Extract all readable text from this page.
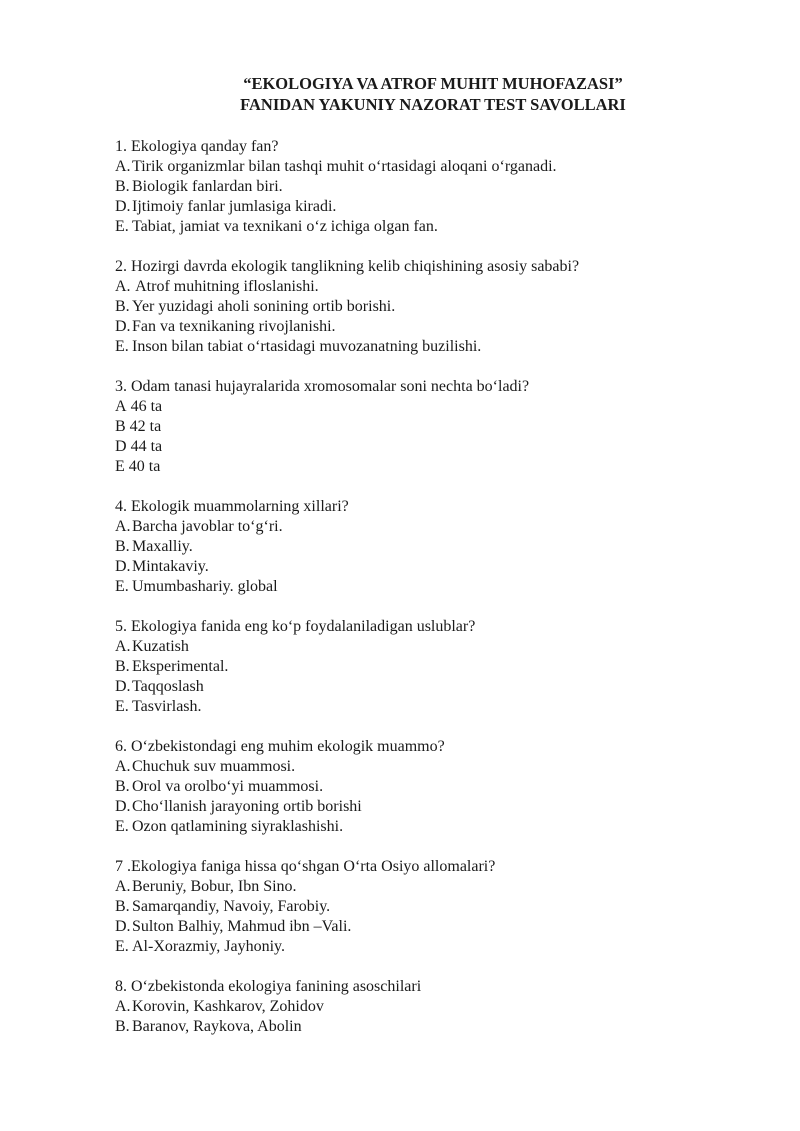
“EKOLOGIYA VA ATROF MUHIT MUHOFAZASI”
FANIDAN YAKUNIY NAZORAT TEST SAVOLLARI
1. Ekologiya qanday fan?
A. Tirik organizmlar bilan tashqi muhit o‘rtasidagi aloqani o‘rganadi.
B. Biologik fanlardan biri.
D. Ijtimoiy fanlar jumlasiga kiradi.
E. Tabiat, jamiat va texnikani o‘z ichiga olgan fan.
2. Hozirgi davrda ekologik tanglikning kelib chiqishining asosiy sababi?
A. Atrof muhitning ifloslanishi.
B. Yer yuzidagi aholi sonining ortib borishi.
D. Fan va texnikaning rivojlanishi.
E. Inson bilan tabiat o‘rtasidagi muvozanatning buzilishi.
3. Odam tanasi hujayralarida xromosomalar soni nechta bo‘ladi?
A 46 ta
B 42 ta
D 44 ta
E 40 ta
4. Ekologik muammolarning xillari?
A. Barcha javoblar to‘g‘ri.
B. Maxalliy.
D. Mintakaviy.
E. Umumbashariy. global
5. Ekologiya fanida eng ko‘p foydalaniladigan uslublar?
A. Kuzatish
B. Eksperimental.
D. Taqqoslash
E. Tasvirlash.
6. O‘zbekistondagi eng muhim ekologik muammo?
A. Chuchuk suv muammosi.
B. Orol va orolbo‘yi muammosi.
D. Cho‘llanish jarayoning ortib borishi
E. Ozon qatlamining siyraklashishi.
7 .Ekologiya faniga hissa qo‘shgan O‘rta Osiyo allomalari?
A. Beruniy, Bobur, Ibn Sino.
B. Samarqandiy, Navoiy, Farobiy.
D. Sulton Balhiy, Mahmud ibn –Vali.
E. Al-Xorazmiy, Jayhoniy.
8. O‘zbekistonda ekologiya fanining asoschilari
A. Korovin, Kashkarov, Zohidov
B. Baranov, Raykova, Abolin
